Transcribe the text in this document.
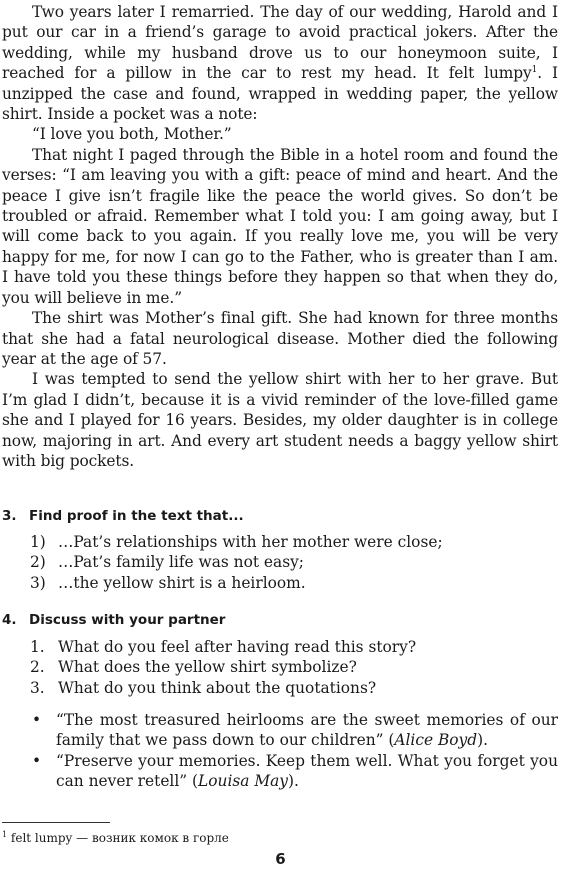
Two years later I remarried. The day of our wedding, Harold and I put our car in a friend’s garage to avoid practical jokers. After the wedding, while my husband drove us to our honeymoon suite, I reached for a pillow in the car to rest my head. It felt lumpy$^1$. I unzipped the case and found, wrapped in wedding paper, the yellow shirt. Inside a pocket was a note:

“I love you both, Mother.”

That night I paged through the Bible in a hotel room and found the verses: “I am leaving you with a gift: peace of mind and heart. And the peace I give isn’t fragile like the peace the world gives. So don’t be troubled or afraid. Remember what I told you: I am going away, but I will come back to you again. If you really love me, you will be very happy for me, for now I can go to the Father, who is greater than I am. I have told you these things before they happen so that when they do, you will believe in me.”

The shirt was Mother’s final gift. She had known for three months that she had a fatal neurological disease. Mother died the following year at the age of 57.

I was tempted to send the yellow shirt with her to her grave. But I’m glad I didn’t, because it is a vivid reminder of the love-filled game she and I played for 16 years. Besides, my older daughter is in college now, majoring in art. And every art student needs a baggy yellow shirt with big pockets.

3. Find proof in the text that...
1) …Pat’s relationships with her mother were close;
2) …Pat’s family life was not easy;
3) …the yellow shirt is a heirloom.
4. Discuss with your partner
1. What do you feel after having read this story?
2. What does the yellow shirt symbolize?
3. What do you think about the quotations?
• “The most treasured heirlooms are the sweet memories of our family that we pass down to our children” (Alice Boyd).
• “Preserve your memories. Keep them well. What you forget you can never retell” (Louisa May).
$^1$ felt lumpy — возник комок в горле
6
